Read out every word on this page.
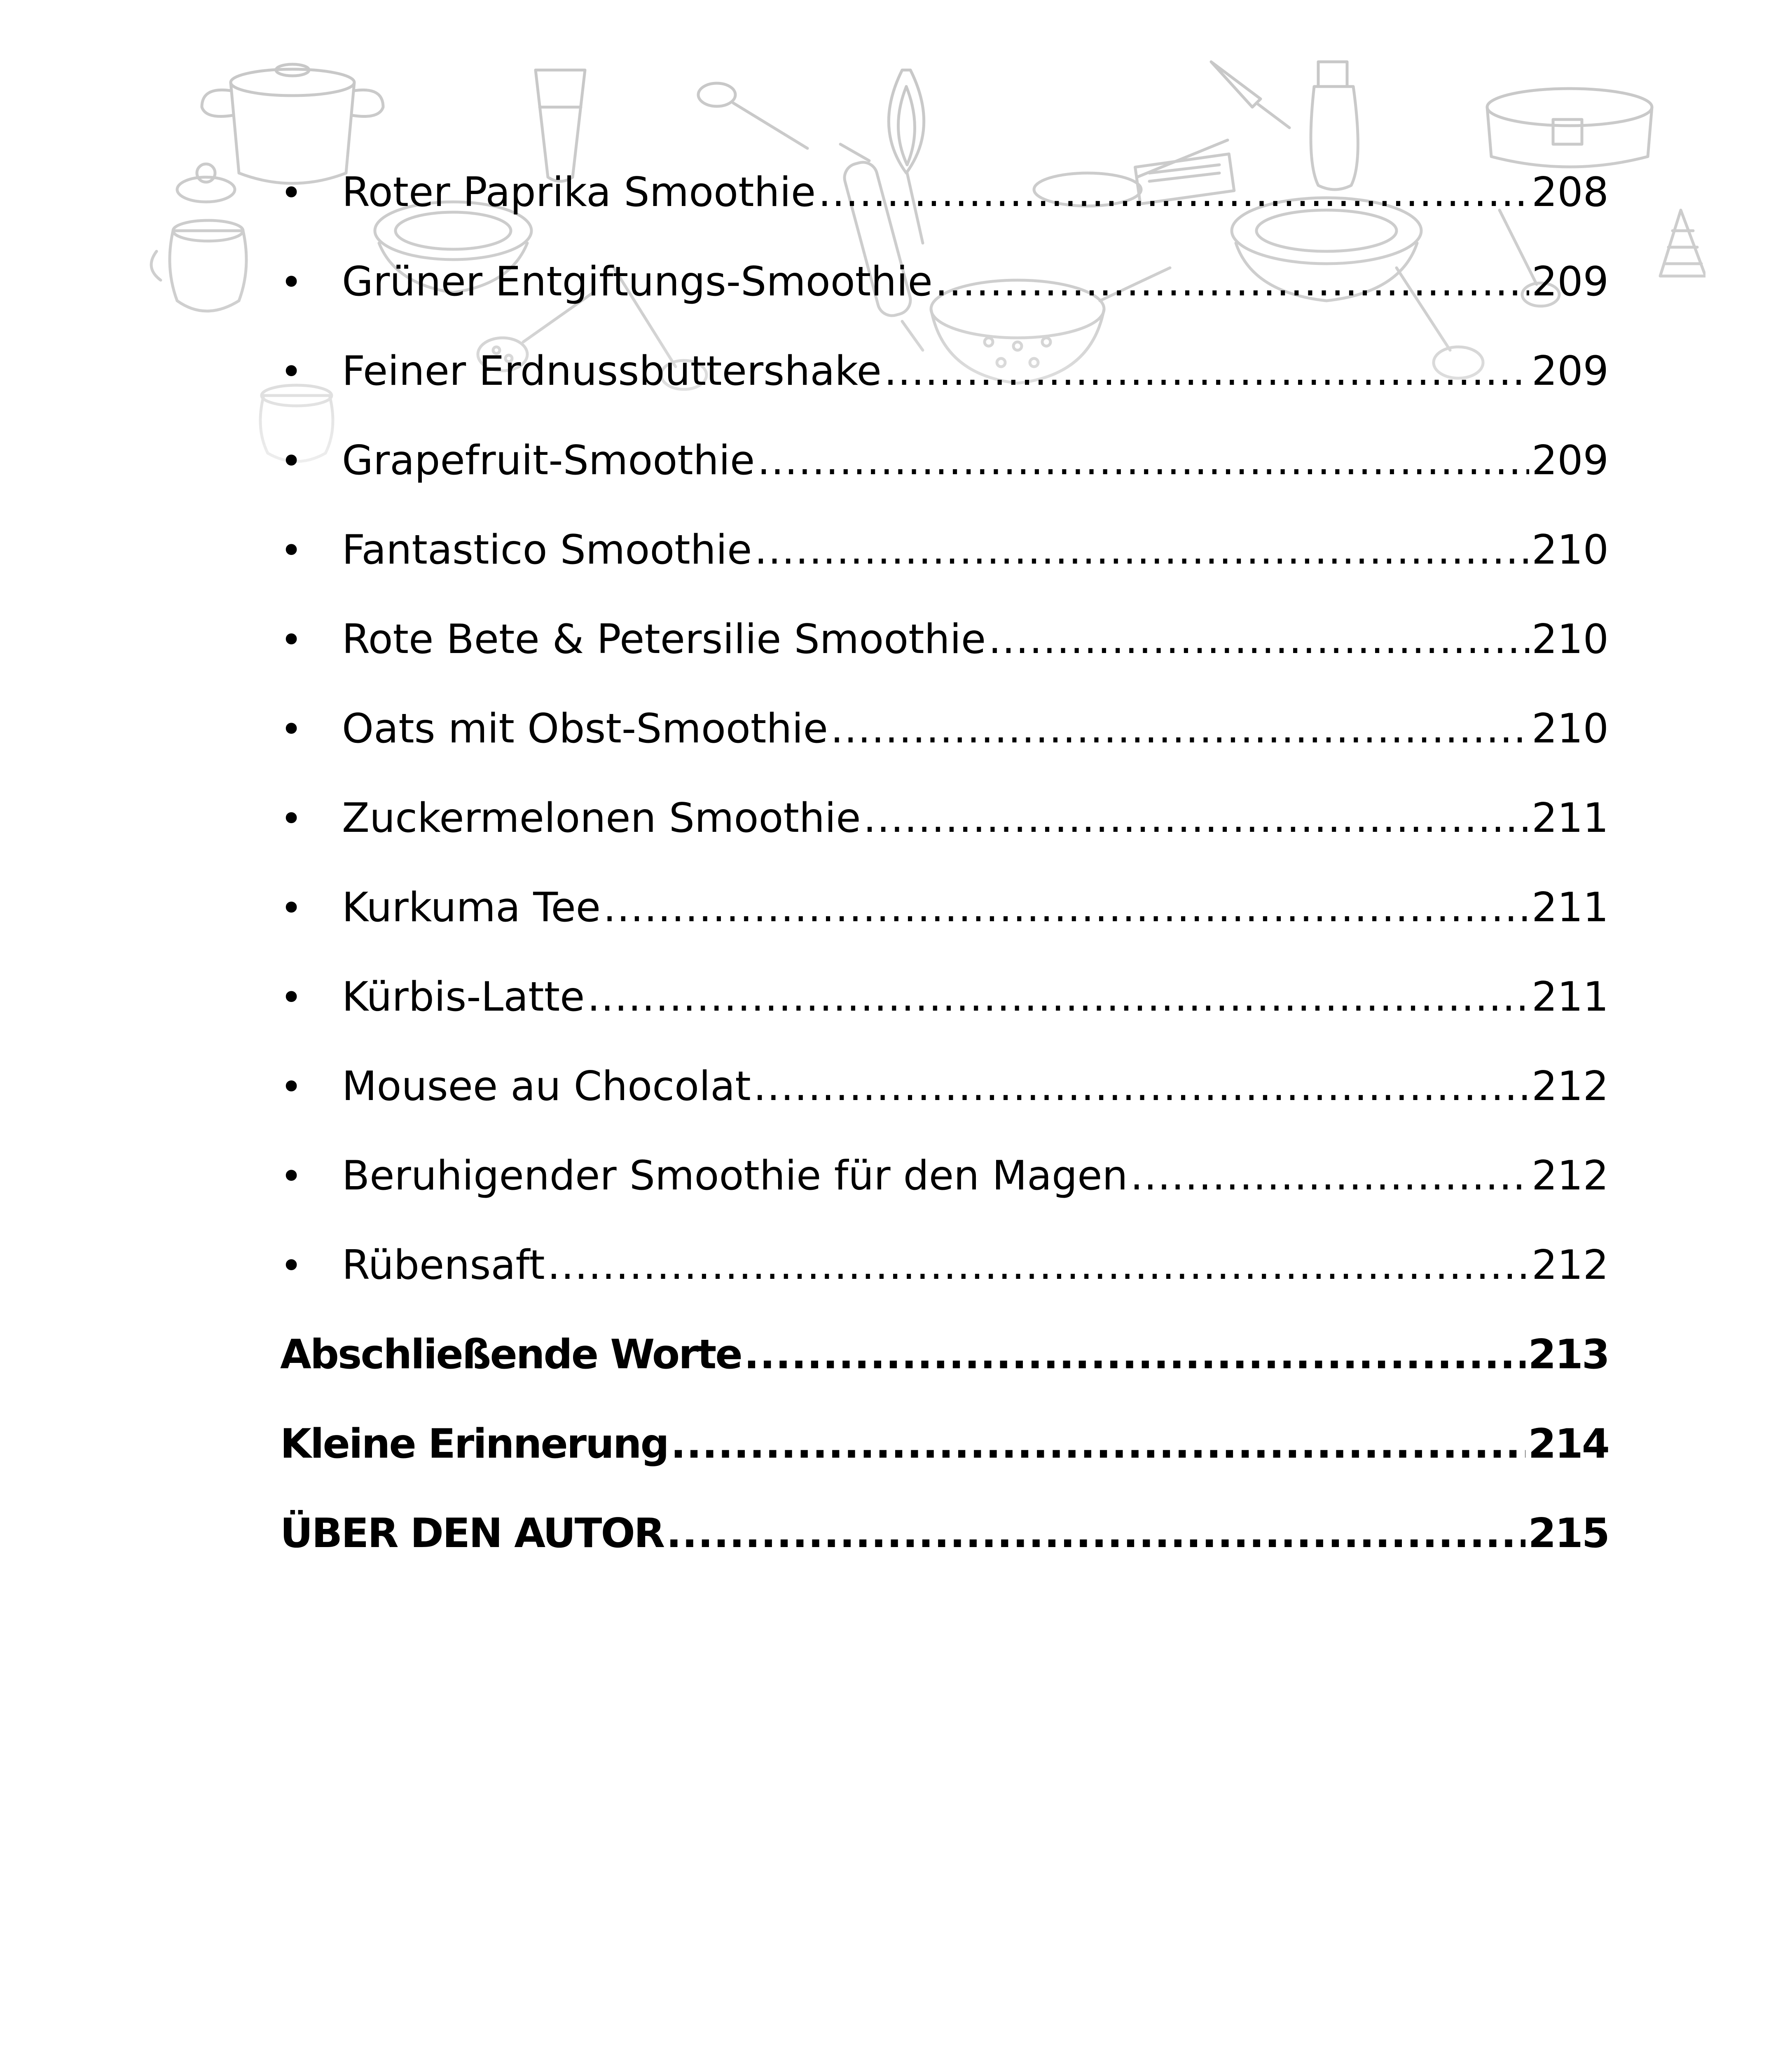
• Roter Paprika Smoothie .....	208
• Grüner Entgiftungs-Smoothie .....	209
• Feiner Erdnussbuttershake .....	209
• Grapefruit-Smoothie .....	209
• Fantastico Smoothie .....	210
• Rote Bete & Petersilie Smoothie .....	210
• Oats mit Obst-Smoothie .....	210
• Zuckermelonen Smoothie .....	211
• Kurkuma Tee .....	211
• Kürbis-Latte .....	211
• Mousee au Chocolat .....	212
• Beruhigender Smoothie für den Magen .....	212
• Rübensaft .....	212
Abschließende Worte .....	213
Kleine Erinnerung .....	214
ÜBER DEN AUTOR .....	215
